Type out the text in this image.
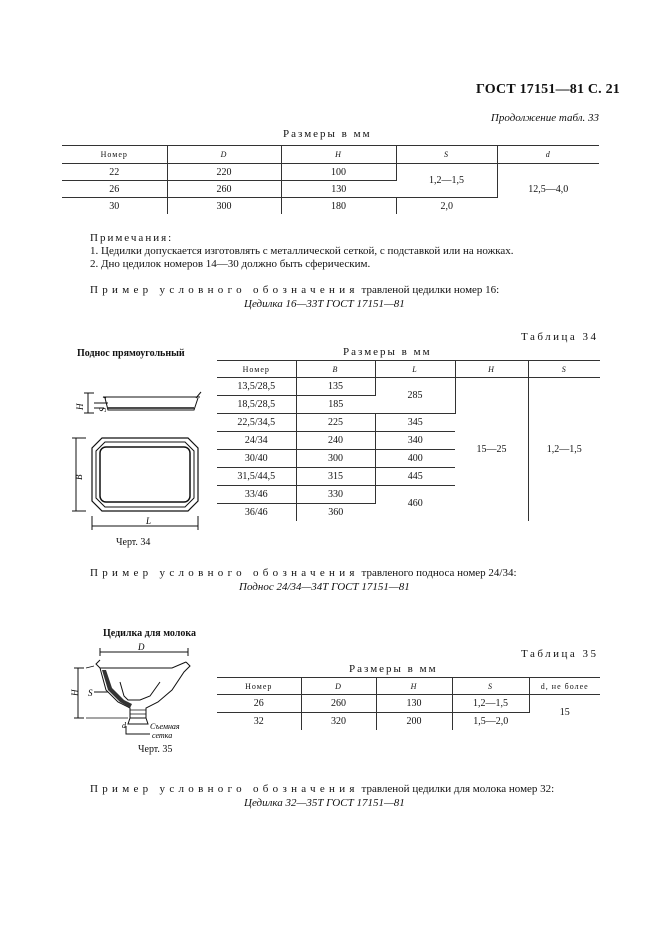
ГОСТ 17151—81 С. 21
Продолжение табл. 33
Размеры в мм
Номер	D	H	S	d
22	220	100	1,2—1,5	12,5—4,0
26	260	130		
30	300	180	2,0	
Примечания:
1. Цедилки допускается изготовлять с металлической сеткой, с подставкой или на ножках.
2. Дно цедилок номеров 14—30 должно быть сферическим.
Пример условного обозначения травленой цедилки номер 16:
Цедилка 16—33Т ГОСТ 17151—81
Таблица 34
Поднос прямоугольный	Размеры в мм
Номер	B	L	H	S
13,5/28,5	135	285	15—25	1,2—1,5
18,5/28,5	185			
22,5/34,5	225	345		
24/34	240	340		
30/40	300	400		
31,5/44,5	315	445		
33/46	330	460		
36/46	360			
H S
B
L
Черт. 34
Пример условного обозначения травленого подноса номер 24/34:
Поднос 24/34—34Т ГОСТ 17151—81
Цедилка для молока
Таблица 35
Размеры в мм
Номер	D	H	S	d, не более
26	260	130	1,2—1,5	15
32	320	200	1,5—2,0	
D
H S
d	Съемная
сетка
Черт. 35
Пример условного обозначения травленой цедилки для молока номер 32:
Цедилка 32—35Т ГОСТ 17151—81
